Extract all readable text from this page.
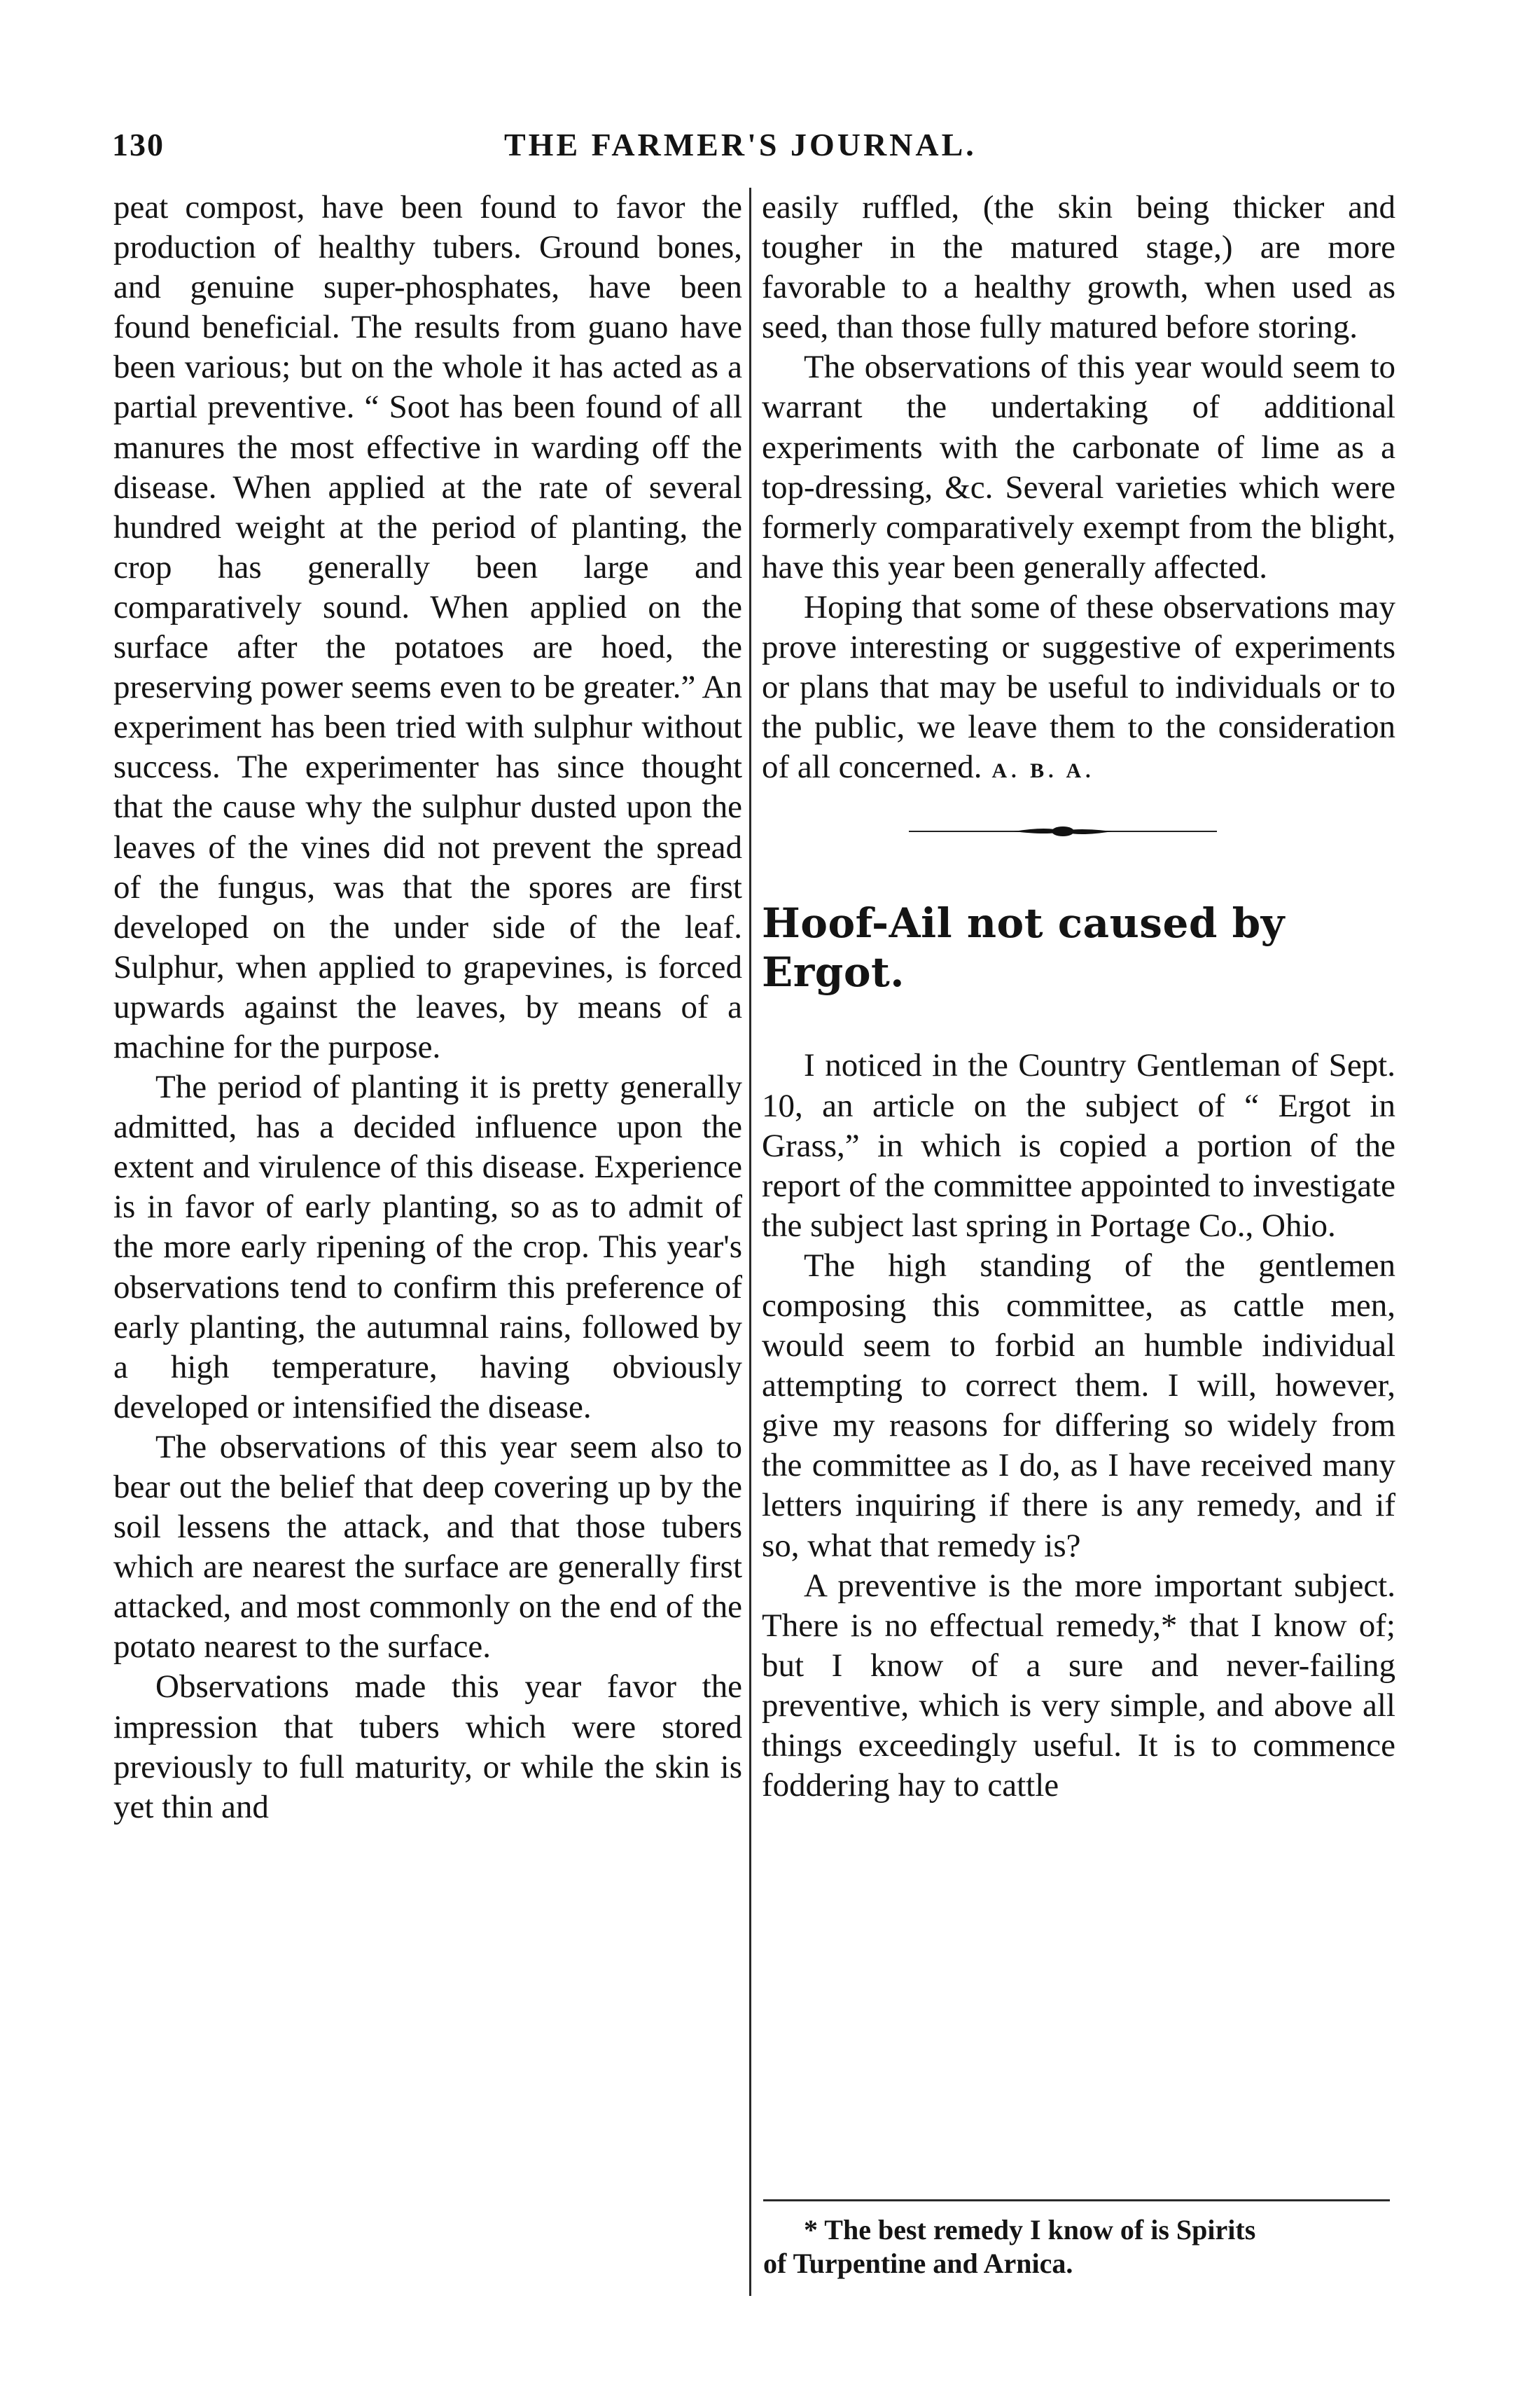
130	THE FARMER'S JOURNAL.

peat compost, have been found to favor the production of healthy tubers. Ground bones, and genuine super-phosphates, have been found beneficial. The results from guano have been various; but on the whole it has acted as a partial preventive. “ Soot has been found of all manures the most effective in warding off the disease. When applied at the rate of several hundred weight at the period of planting, the crop has generally been large and comparatively sound. When applied on the surface after the potatoes are hoed, the preserving power seems even to be greater.” An experiment has been tried with sulphur without success. The experimenter has since thought that the cause why the sulphur dusted upon the leaves of the vines did not prevent the spread of the fungus, was that the spores are first developed on the under side of the leaf. Sulphur, when applied to grapevines, is forced upwards against the leaves, by means of a machine for the purpose.

The period of planting it is pretty generally admitted, has a decided influence upon the extent and virulence of this disease. Experience is in favor of early planting, so as to admit of the more early ripening of the crop. This year's observations tend to confirm this preference of early planting, the autumnal rains, followed by a high temperature, having obviously developed or intensified the disease.

The observations of this year seem also to bear out the belief that deep covering up by the soil lessens the attack, and that those tubers which are nearest the surface are generally first attacked, and most commonly on the end of the potato nearest to the surface.

Observations made this year favor the impression that tubers which were stored previously to full maturity, or while the skin is yet thin and

easily ruffled, (the skin being thicker and tougher in the matured stage,) are more favorable to a healthy growth, when used as seed, than those fully matured before storing.

The observations of this year would seem to warrant the undertaking of additional experiments with the carbonate of lime as a top-dressing, &c. Several varieties which were formerly comparatively exempt from the blight, have this year been generally affected.

Hoping that some of these observations may prove interesting or suggestive of experiments or plans that may be useful to individuals or to the public, we leave them to the consideration of all concerned. A. B. A.

Hoof-Ail not caused by Ergot.

I noticed in the Country Gentleman of Sept. 10, an article on the subject of “ Ergot in Grass,” in which is copied a portion of the report of the committee appointed to investigate the subject last spring in Portage Co., Ohio.

The high standing of the gentlemen composing this committee, as cattle men, would seem to forbid an humble individual attempting to correct them. I will, however, give my reasons for differing so widely from the committee as I do, as I have received many letters inquiring if there is any remedy, and if so, what that remedy is?

A preventive is the more important subject. There is no effectual remedy,* that I know of; but I know of a sure and never-failing preventive, which is very simple, and above all things exceedingly useful. It is to commence foddering hay to cattle

* The best remedy I know of is Spirits
of Turpentine and Arnica.
